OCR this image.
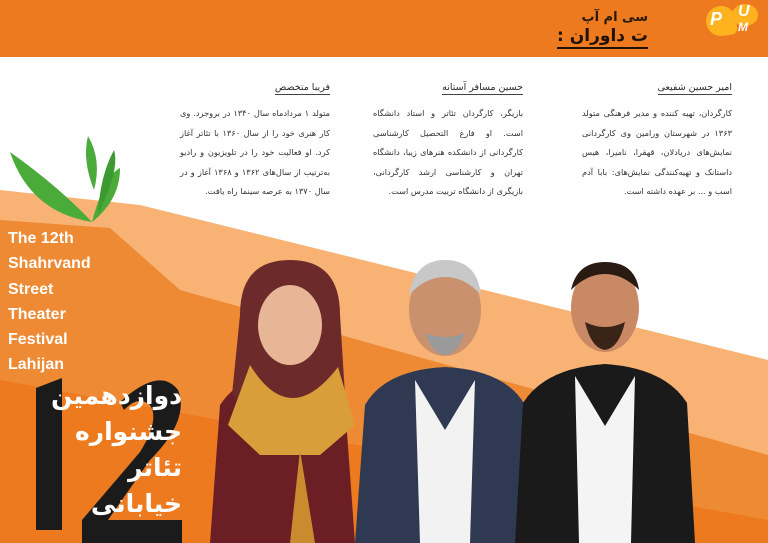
سی ام آپ
ت داوران :
P U
M
امیر حسین شفیعی
کارگردان، تهیه کننده و مدیر فرهنگی متولد ۱۳۶۳ در شهرستان ورامین وی کارگردانی نمایش‌های دریادلان، قهقرا، نامیرا، هیس داستانک و تهیه‌کنندگی نمایش‌های: بابا آدم اسب و ... بر عهده داشته است.
حسین مسافر آستانه
بازیگر، کارگردان تئاتر و استاد دانشگاه است. او فارغ التحصیل کارشناسی کارگردانی از دانشکده هنرهای زیبا، دانشگاه تهران و کارشناسی ارشد کارگردانی، بازیگری از دانشگاه تربیت مدرس است.
فریبا متخصص
متولد ۱ مردادماه سال ۱۳۴۰ در بروجرد. وی کار هنری خود را از سال ۱۳۶۰ با تئاتر آغاز کرد. او فعالیت خود را در تلویزیون و رادیو به‌ترتیب از سال‌های ۱۳۶۲ و ۱۳۶۸ آغاز و در سال ۱۳۷۰ به عرصه سینما راه یافت.
The 12th
Shahrvand
Street
Theater
Festival
Lahijan
دوازدهمین
جشنواره
تئاتر
خیابانی
